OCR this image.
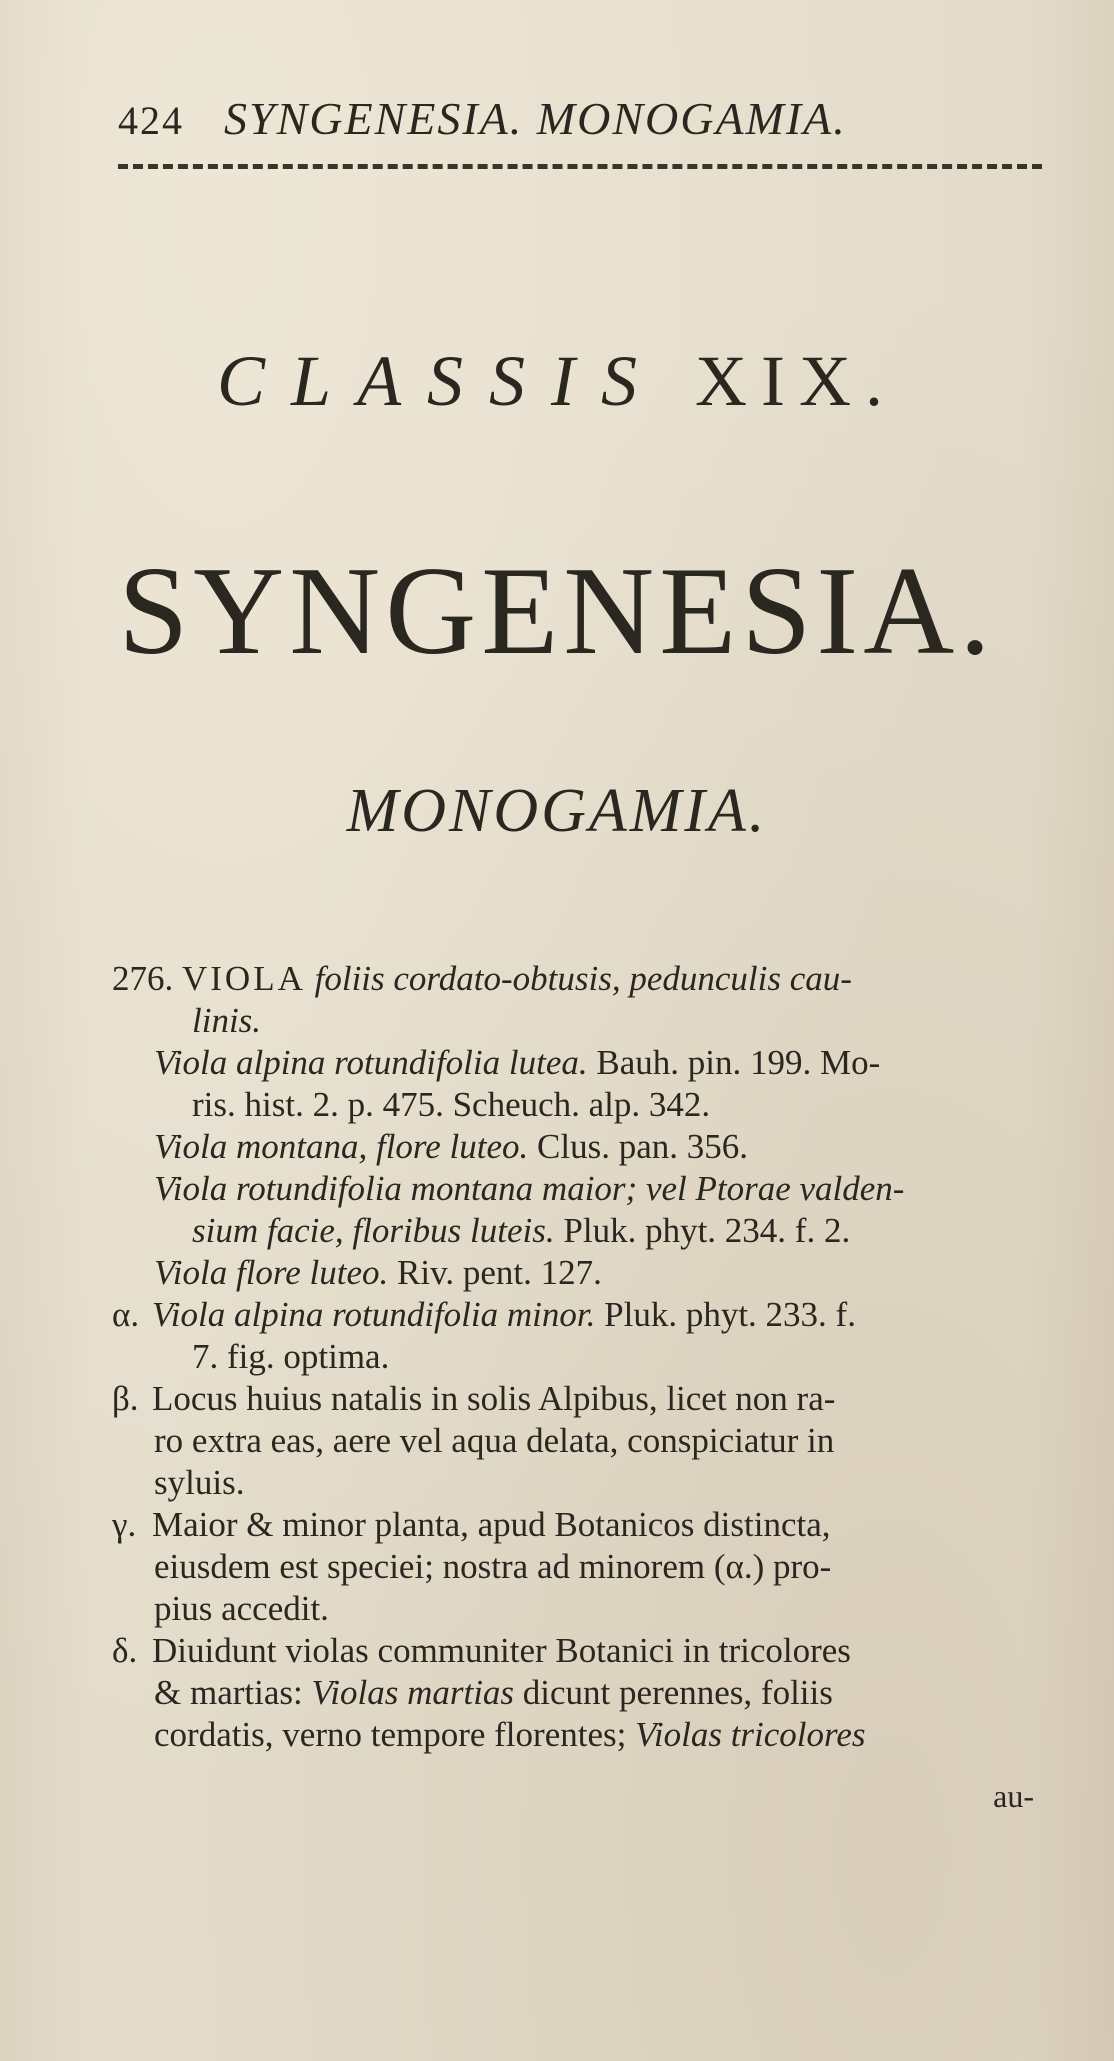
424 SYNGENESIA. MONOGAMIA.
CLASSIS XIX.
SYNGENESIA.
MONOGAMIA.
276. VIOLA foliis cordato-obtusis, pedunculis cau-
linis.
Viola alpina rotundifolia lutea. Bauh. pin. 199. Mo-
ris. hist. 2. p. 475. Scheuch. alp. 342.
Viola montana, flore luteo. Clus. pan. 356.
Viola rotundifolia montana maior; vel Ptorae valden-
sium facie, floribus luteis. Pluk. phyt. 234. f. 2.
Viola flore luteo. Riv. pent. 127.
α. Viola alpina rotundifolia minor. Pluk. phyt. 233. f.
7. fig. optima.
β. Locus huius natalis in solis Alpibus, licet non ra-
ro extra eas, aere vel aqua delata, conspiciatur in
syluis.
γ. Maior & minor planta, apud Botanicos distincta,
eiusdem est speciei; nostra ad minorem (α.) pro-
pius accedit.
δ. Diuidunt violas communiter Botanici in tricolores
& martias: Violas martias dicunt perennes, foliis
cordatis, verno tempore florentes; Violas tricolores
au-
